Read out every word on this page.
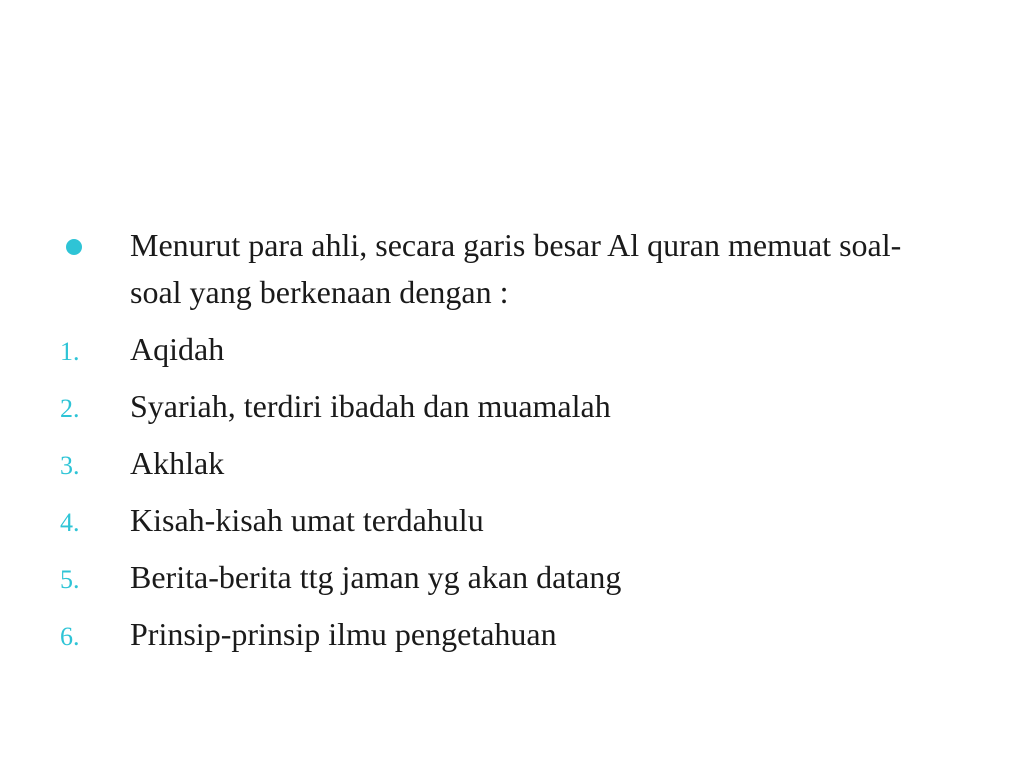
Menurut para ahli, secara garis besar Al quran memuat soal-soal yang berkenaan dengan :
1. Aqidah
2. Syariah, terdiri ibadah dan muamalah
3. Akhlak
4. Kisah-kisah umat terdahulu
5. Berita-berita ttg jaman yg akan datang
6. Prinsip-prinsip ilmu pengetahuan
